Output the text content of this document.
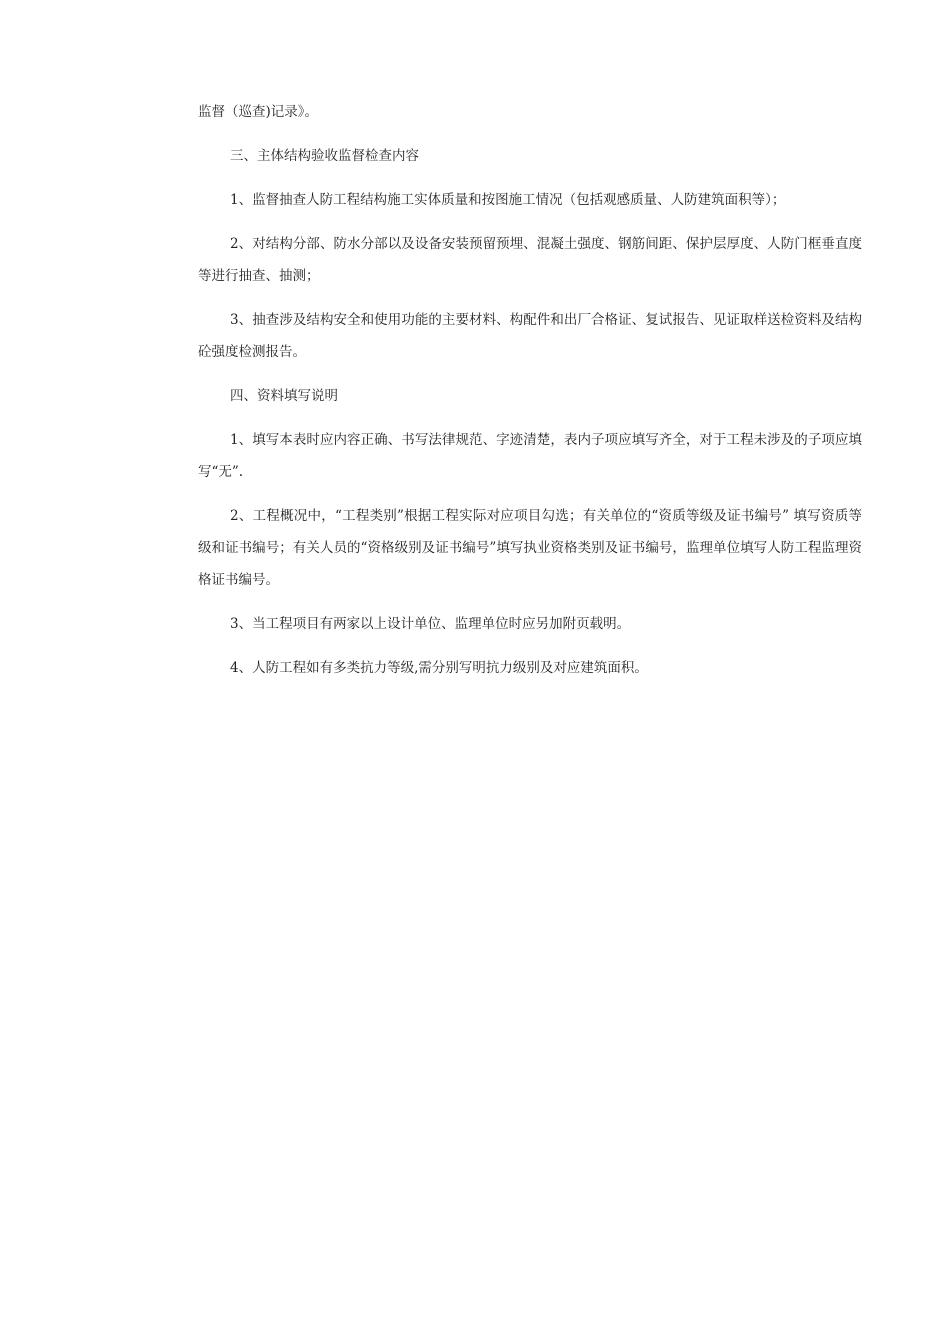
监督（巡查)记录》。

三、主体结构验收监督检查内容

1、监督抽查人防工程结构施工实体质量和按图施工情况（包括观感质量、人防建筑面积等）；

2、对结构分部、防水分部以及设备安装预留预埋、混凝土强度、钢筋间距、保护层厚度、人防门框垂直度等进行抽查、抽测；

3、抽查涉及结构安全和使用功能的主要材料、构配件和出厂合格证、复试报告、见证取样送检资料及结构砼强度检测报告。

四、资料填写说明

1、填写本表时应内容正确、书写法律规范、字迹清楚，表内子项应填写齐全，对于工程未涉及的子项应填写“无”.

2、工程概况中，“工程类别”根据工程实际对应项目勾选；有关单位的“资质等级及证书编号” 填写资质等级和证书编号；有关人员的“资格级别及证书编号”填写执业资格类别及证书编号，监理单位填写人防工程监理资格证书编号。

3、当工程项目有两家以上设计单位、监理单位时应另加附页载明。

4、人防工程如有多类抗力等级,需分别写明抗力级别及对应建筑面积。
